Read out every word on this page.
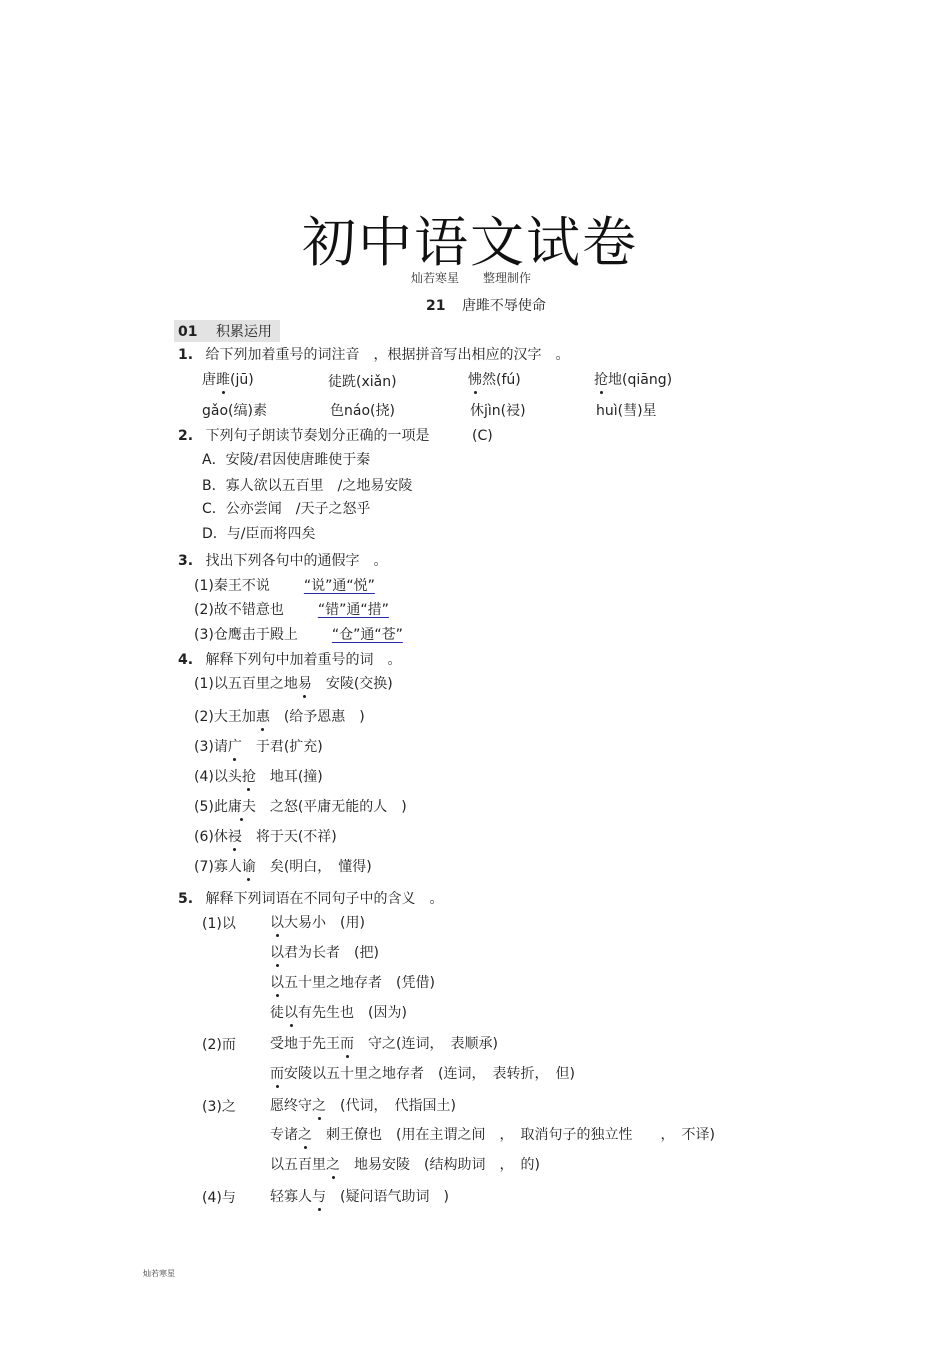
初中语文试卷
灿若寒星　　整理制作
21 唐雎不辱使命
01 积累运用
1. 给下列加着重号的词注音　，根据拼音写出相应的汉字　。
唐雎(jū)	徒跣(xiǎn)	怫然(fú)	抢地(qiāng)
gǎo(缟)素	色náo(挠)	休jìn(祲)	huì(彗)星
2. 下列句子朗读节奏划分正确的一项是	(C)
A．安陵/君因使唐雎使于秦
B．寡人欲以五百里　/之地易安陵
C．公亦尝闻　/天子之怒乎
D．与/臣而将四矣
3. 找出下列各句中的通假字　。
(1)秦王不说 “说”通“悦”
(2)故不错意也 “错”通“措”
(3)仓鹰击于殿上 “仓”通“苍”
4. 解释下列句中加着重号的词　。
(1)以五百里之地易　安陵(交换)
(2)大王加惠　(给予恩惠　)
(3)请广　于君(扩充)
(4)以头抢　地耳(撞)
(5)此庸夫　之怒(平庸无能的人　)
(6)休祲　将于天(不祥)
(7)寡人谕　矣(明白，　懂得)
5. 解释下列词语在不同句子中的含义　。
(1)以 以大易小　(用)
以君为长者　(把)
以五十里之地存者　(凭借)
徒以有先生也　(因为)
(2)而 受地于先王而　守之(连词，　表顺承)
而安陵以五十里之地存者　(连词，　表转折，　但)
(3)之 愿终守之　(代词，　代指国土)
专诸之　刺王僚也　(用在主谓之间　，　取消句子的独立性　　，　不译)
以五百里之　地易安陵　(结构助词　，　的)
(4)与 轻寡人与　(疑问语气助词　)
灿若寒星
